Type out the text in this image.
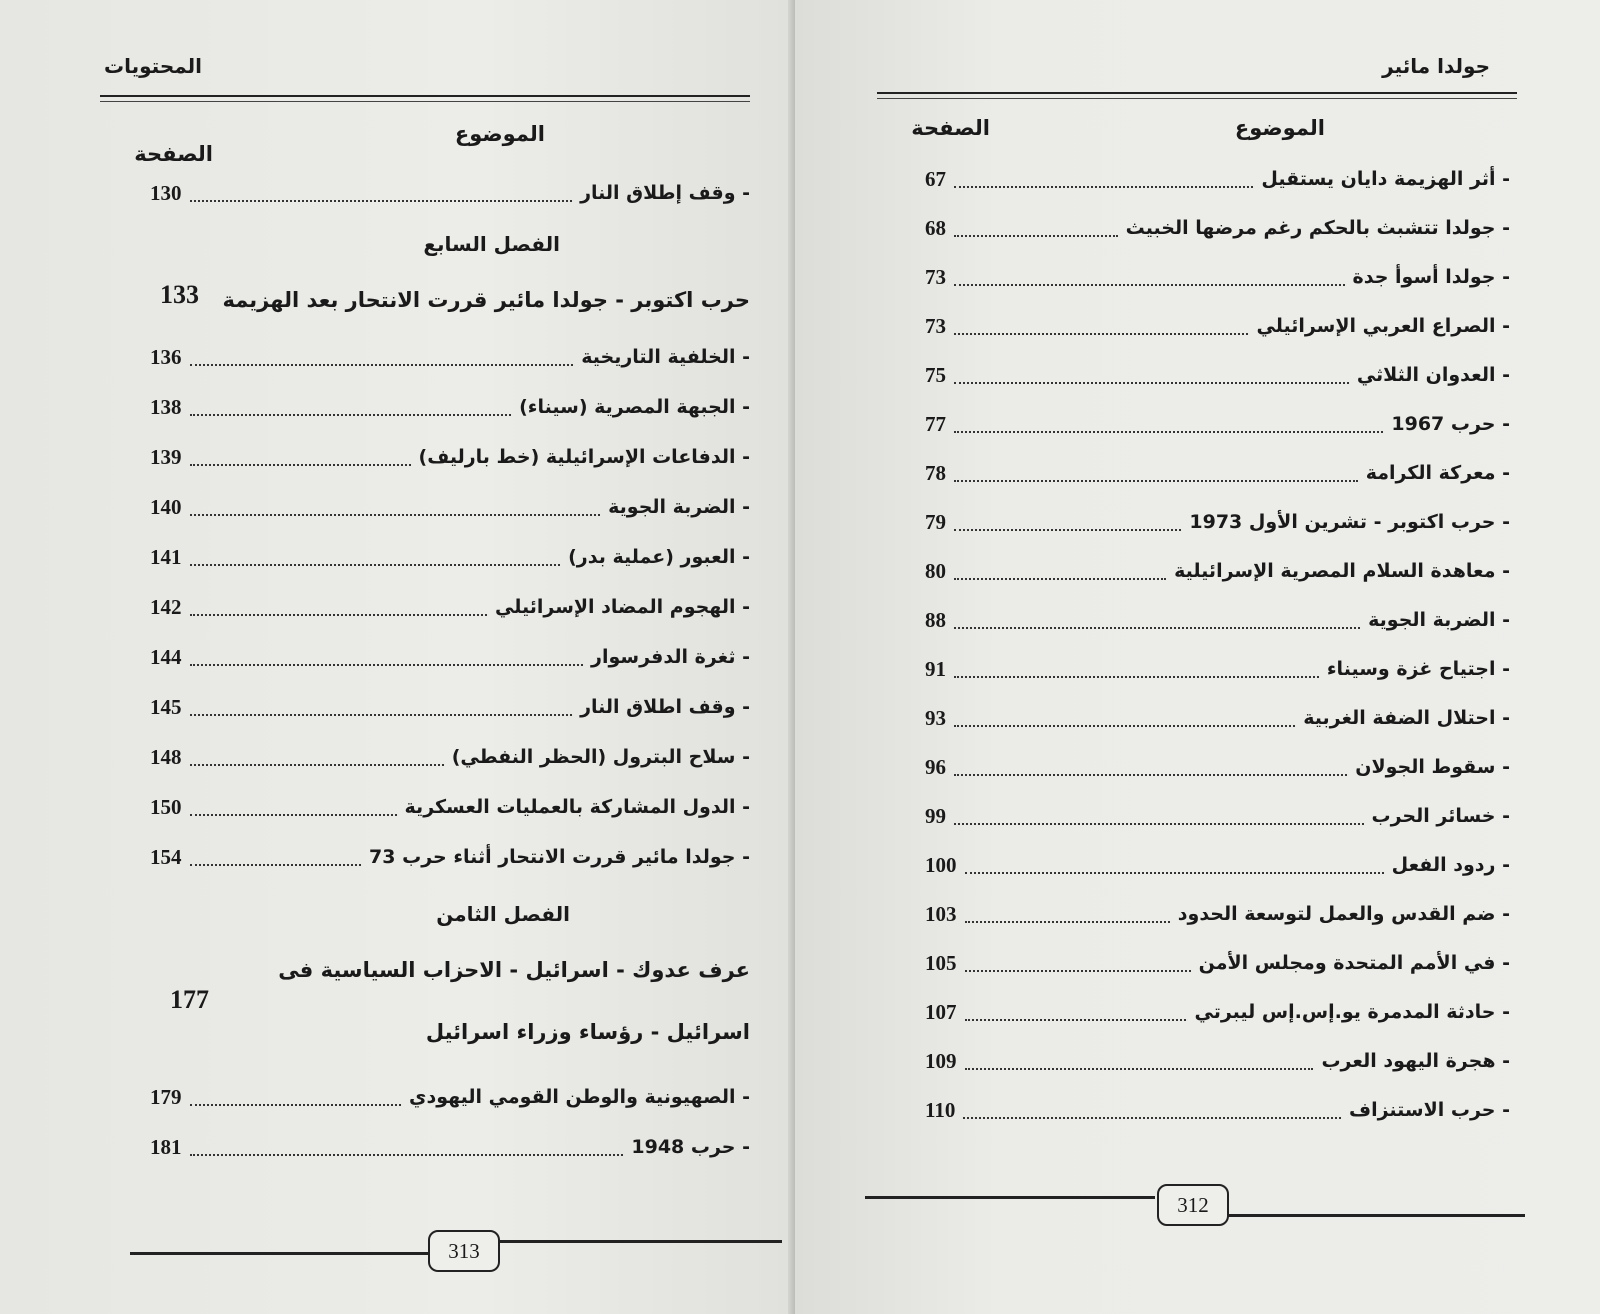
المحتويات
الموضوع
الصفحة
- وقف إطلاق النار
130
الفصل السابع
حرب اكتوبر - جولدا مائير قررت الانتحار بعد الهزيمة
133
- الخلفية التاريخية
136
- الجبهة المصرية (سيناء)
138
- الدفاعات الإسرائيلية (خط بارليف)
139
- الضربة الجوية
140
- العبور (عملية بدر)
141
- الهجوم المضاد الإسرائيلي
142
- ثغرة الدفرسوار
144
- وقف اطلاق النار
145
- سلاح البترول (الحظر النفطي)
148
- الدول المشاركة بالعمليات العسكرية
150
- جولدا مائير قررت الانتحار أثناء حرب 73
154
الفصل الثامن
عرف عدوك - اسرائيل - الاحزاب السياسية فى
177
اسرائيل - رؤساء وزراء اسرائيل
- الصهيونية والوطن القومي اليهودي
179
- حرب 1948
181
313
جولدا مائير
الموضوع
الصفحة
- أثر الهزيمة دايان يستقيل
67
- جولدا تتشبث بالحكم رغم مرضها الخبيث
68
- جولدا أسوأ جدة
73
- الصراع العربي الإسرائيلي
73
- العدوان الثلاثي
75
- حرب 1967
77
- معركة الكرامة
78
- حرب اكتوبر - تشرين الأول 1973
79
- معاهدة السلام المصرية الإسرائيلية
80
- الضربة الجوية
88
- اجتياح غزة وسيناء
91
- احتلال الضفة الغربية
93
- سقوط الجولان
96
- خسائر الحرب
99
- ردود الفعل
100
- ضم القدس والعمل لتوسعة الحدود
103
- في الأمم المتحدة ومجلس الأمن
105
- حادثة المدمرة يو.إس.إس ليبرتي
107
- هجرة اليهود العرب
109
- حرب الاستنزاف
110
312
